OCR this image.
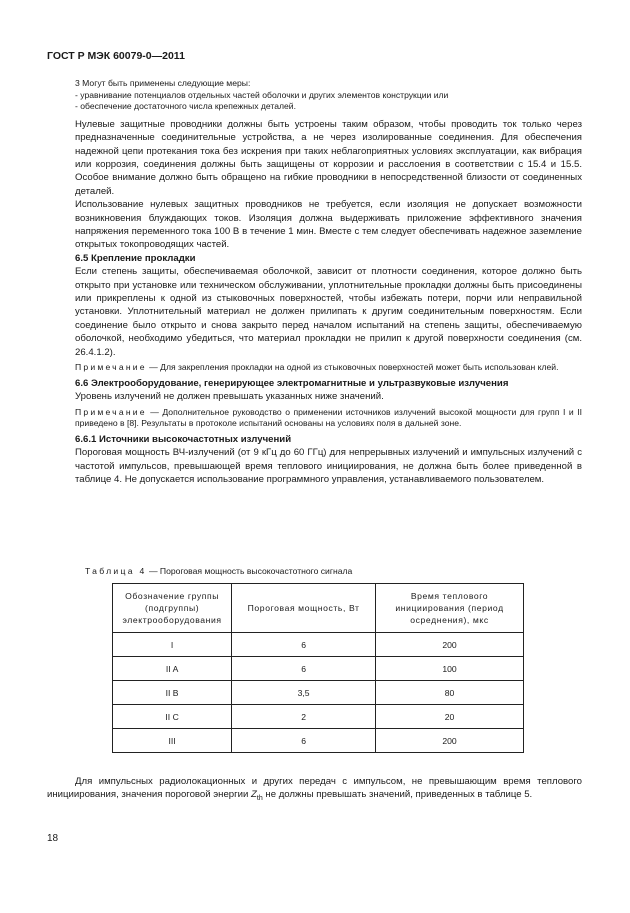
ГОСТ Р МЭК 60079-0—2011

3 Могут быть применены следующие меры:

- уравнивание потенциалов отдельных частей оболочки и других элементов конструкции или

- обеспечение достаточного числа крепежных деталей.

Нулевые защитные проводники должны быть устроены таким образом, чтобы проводить ток только через предназначенные соединительные устройства, а не через изолированные соединения. Для обеспечения надежной цепи протекания тока без искрения при таких неблагоприятных условиях эксплуатации, как вибрация или коррозия, соединения должны быть защищены от коррозии и расслоения в соответствии с 15.4 и 15.5. Особое внимание должно быть обращено на гибкие проводники в непосредственной близости от соединенных деталей.

Использование нулевых защитных проводников не требуется, если изоляция не допускает возможности возникновения блуждающих токов. Изоляция должна выдерживать приложение эффективного значения напряжения переменного тока 100 В в течение 1 мин. Вместе с тем следует обеспечивать надежное заземление открытых токопроводящих частей.

6.5 Крепление прокладки

Если степень защиты, обеспечиваемая оболочкой, зависит от плотности соединения, которое должно быть открыто при установке или техническом обслуживании, уплотнительные прокладки должны быть присоединены или прикреплены к одной из стыковочных поверхностей, чтобы избежать потери, порчи или неправильной установки. Уплотнительный материал не должен прилипать к другим соединительным поверхностям. Если соединение было открыто и снова закрыто перед началом испытаний на степень защиты, обеспечиваемую оболочкой, необходимо убедиться, что материал прокладки не прилип к другой поверхности соединения (см. 26.4.1.2).

Примечание — Для закрепления прокладки на одной из стыковочных поверхностей может быть использован клей.

6.6 Электрооборудование, генерирующее электромагнитные и ультразвуковые излучения

Уровень излучений не должен превышать указанных ниже значений.

Примечание — Дополнительное руководство о применении источников излучений высокой мощности для групп I и II приведено в [8]. Результаты в протоколе испытаний основаны на условиях поля в дальней зоне.

6.6.1 Источники высокочастотных излучений

Пороговая мощность ВЧ-излучений (от 9 кГц до 60 ГГц) для непрерывных излучений и импульсных излучений с частотой импульсов, превышающей время теплового инициирования, не должна быть более приведенной в таблице 4. Не допускается использование программного управления, устанавливаемого пользователем.

Таблица 4 — Пороговая мощность высокочастотного сигнала
Обозначение группы (подгруппы) электрооборудования	Пороговая мощность, Вт	Время теплового инициирования (период осреднения), мкс
I	6	200
II A	6	100
II B	3,5	80
II C	2	20
III	6	200
Для импульсных радиолокационных и других передач с импульсом, не превышающим время теплового инициирования, значения пороговой энергии $Z_{th}$ не должны превышать значений, приведенных в таблице 5.
18
